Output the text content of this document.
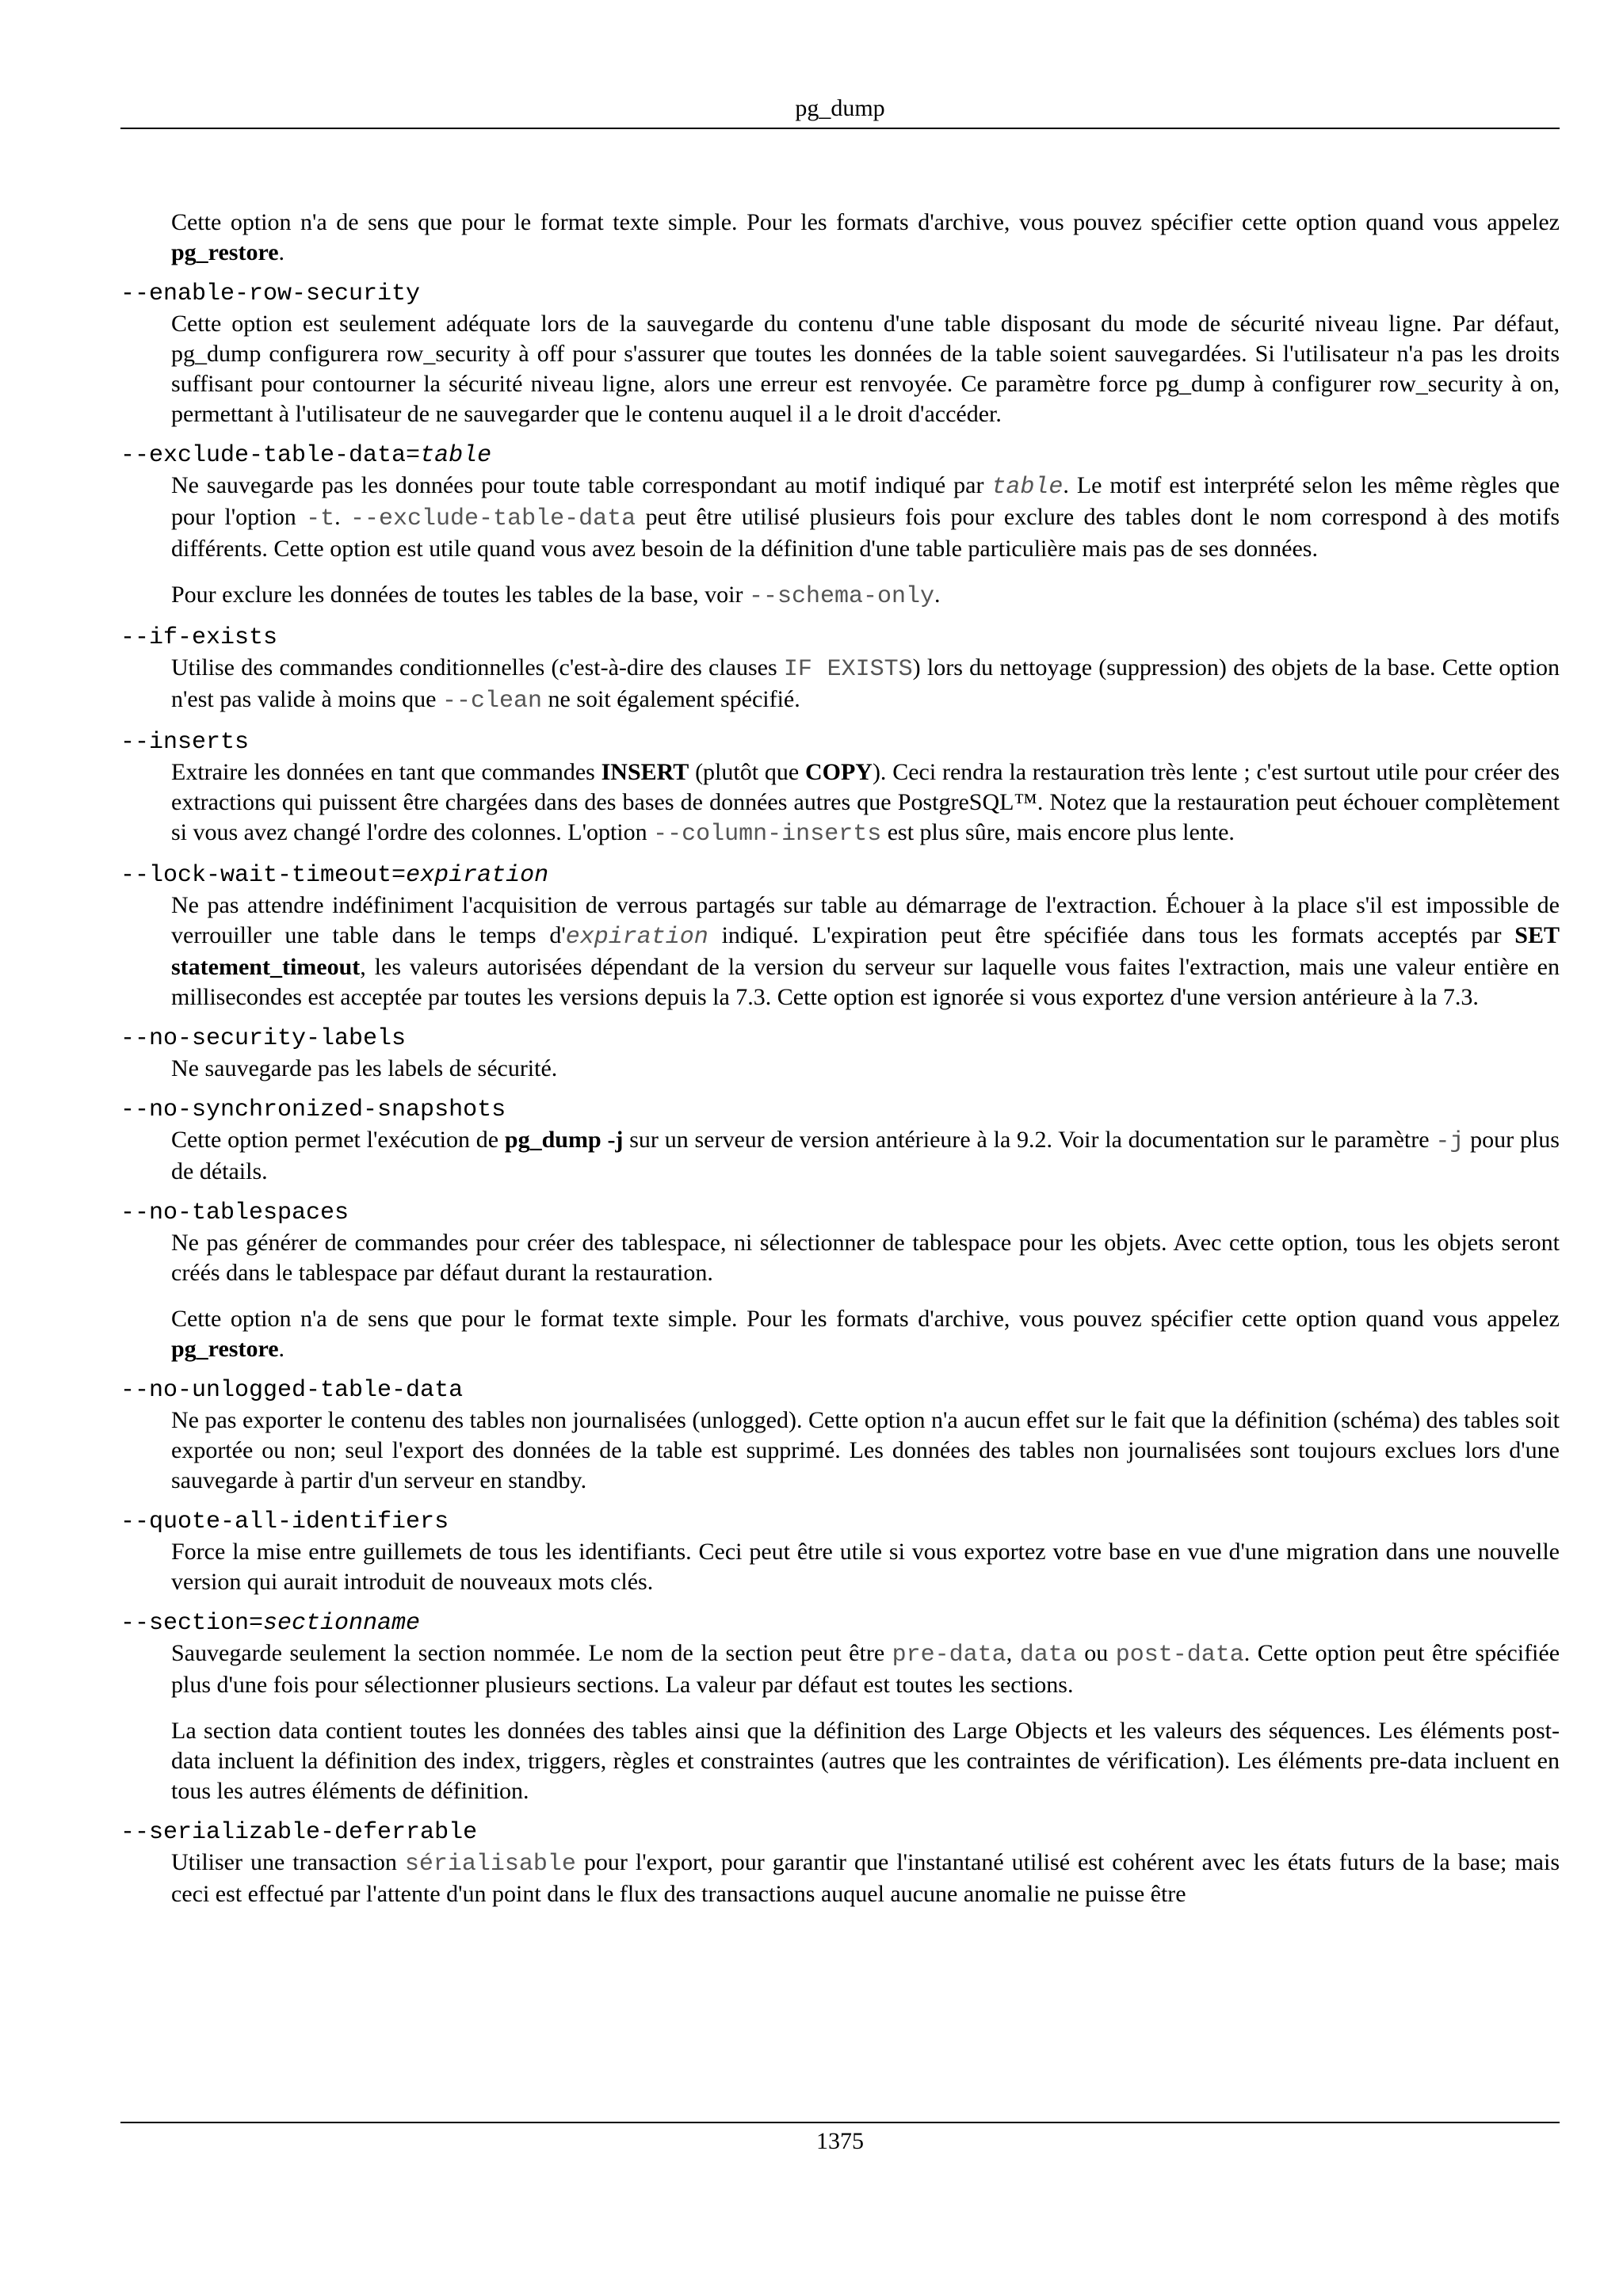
pg_dump

Cette option n'a de sens que pour le format texte simple. Pour les formats d'archive, vous pouvez spécifier cette option quand vous appelez pg_restore.

--enable-row-security

Cette option est seulement adéquate lors de la sauvegarde du contenu d'une table disposant du mode de sécurité niveau ligne. Par défaut, pg_dump configurera row_security à off pour s'assurer que toutes les données de la table soient sauvegardées. Si l'utilisateur n'a pas les droits suffisant pour contourner la sécurité niveau ligne, alors une erreur est renvoyée. Ce paramètre force pg_dump à configurer row_security à on, permettant à l'utilisateur de ne sauvegarder que le contenu auquel il a le droit d'accéder.

--exclude-table-data=table

Ne sauvegarde pas les données pour toute table correspondant au motif indiqué par table. Le motif est interprété selon les même règles que pour l'option -t. --exclude-table-data peut être utilisé plusieurs fois pour exclure des tables dont le nom correspond à des motifs différents. Cette option est utile quand vous avez besoin de la définition d'une table particulière mais pas de ses données.

Pour exclure les données de toutes les tables de la base, voir --schema-only.

--if-exists

Utilise des commandes conditionnelles (c'est-à-dire des clauses IF EXISTS) lors du nettoyage (suppression) des objets de la base. Cette option n'est pas valide à moins que --clean ne soit également spécifié.

--inserts

Extraire les données en tant que commandes INSERT (plutôt que COPY). Ceci rendra la restauration très lente ; c'est surtout utile pour créer des extractions qui puissent être chargées dans des bases de données autres que PostgreSQL™. Notez que la restauration peut échouer complètement si vous avez changé l'ordre des colonnes. L'option --column-inserts est plus sûre, mais encore plus lente.

--lock-wait-timeout=expiration

Ne pas attendre indéfiniment l'acquisition de verrous partagés sur table au démarrage de l'extraction. Échouer à la place s'il est impossible de verrouiller une table dans le temps d'expiration indiqué. L'expiration peut être spécifiée dans tous les formats acceptés par SET statement_timeout, les valeurs autorisées dépendant de la version du serveur sur laquelle vous faites l'extraction, mais une valeur entière en millisecondes est acceptée par toutes les versions depuis la 7.3. Cette option est ignorée si vous exportez d'une version antérieure à la 7.3.

--no-security-labels

Ne sauvegarde pas les labels de sécurité.

--no-synchronized-snapshots

Cette option permet l'exécution de pg_dump -j sur un serveur de version antérieure à la 9.2. Voir la documentation sur le paramètre -j pour plus de détails.

--no-tablespaces

Ne pas générer de commandes pour créer des tablespace, ni sélectionner de tablespace pour les objets. Avec cette option, tous les objets seront créés dans le tablespace par défaut durant la restauration.

Cette option n'a de sens que pour le format texte simple. Pour les formats d'archive, vous pouvez spécifier cette option quand vous appelez pg_restore.

--no-unlogged-table-data

Ne pas exporter le contenu des tables non journalisées (unlogged). Cette option n'a aucun effet sur le fait que la définition (schéma) des tables soit exportée ou non; seul l'export des données de la table est supprimé. Les données des tables non journalisées sont toujours exclues lors d'une sauvegarde à partir d'un serveur en standby.

--quote-all-identifiers

Force la mise entre guillemets de tous les identifiants. Ceci peut être utile si vous exportez votre base en vue d'une migration dans une nouvelle version qui aurait introduit de nouveaux mots clés.

--section=sectionname

Sauvegarde seulement la section nommée. Le nom de la section peut être pre-data, data ou post-data. Cette option peut être spécifiée plus d'une fois pour sélectionner plusieurs sections. La valeur par défaut est toutes les sections.

La section data contient toutes les données des tables ainsi que la définition des Large Objects et les valeurs des séquences. Les éléments post-data incluent la définition des index, triggers, règles et constraintes (autres que les contraintes de vérification). Les éléments pre-data incluent en tous les autres éléments de définition.

--serializable-deferrable

Utiliser une transaction sérialisable pour l'export, pour garantir que l'instantané utilisé est cohérent avec les états futurs de la base; mais ceci est effectué par l'attente d'un point dans le flux des transactions auquel aucune anomalie ne puisse être

1375
